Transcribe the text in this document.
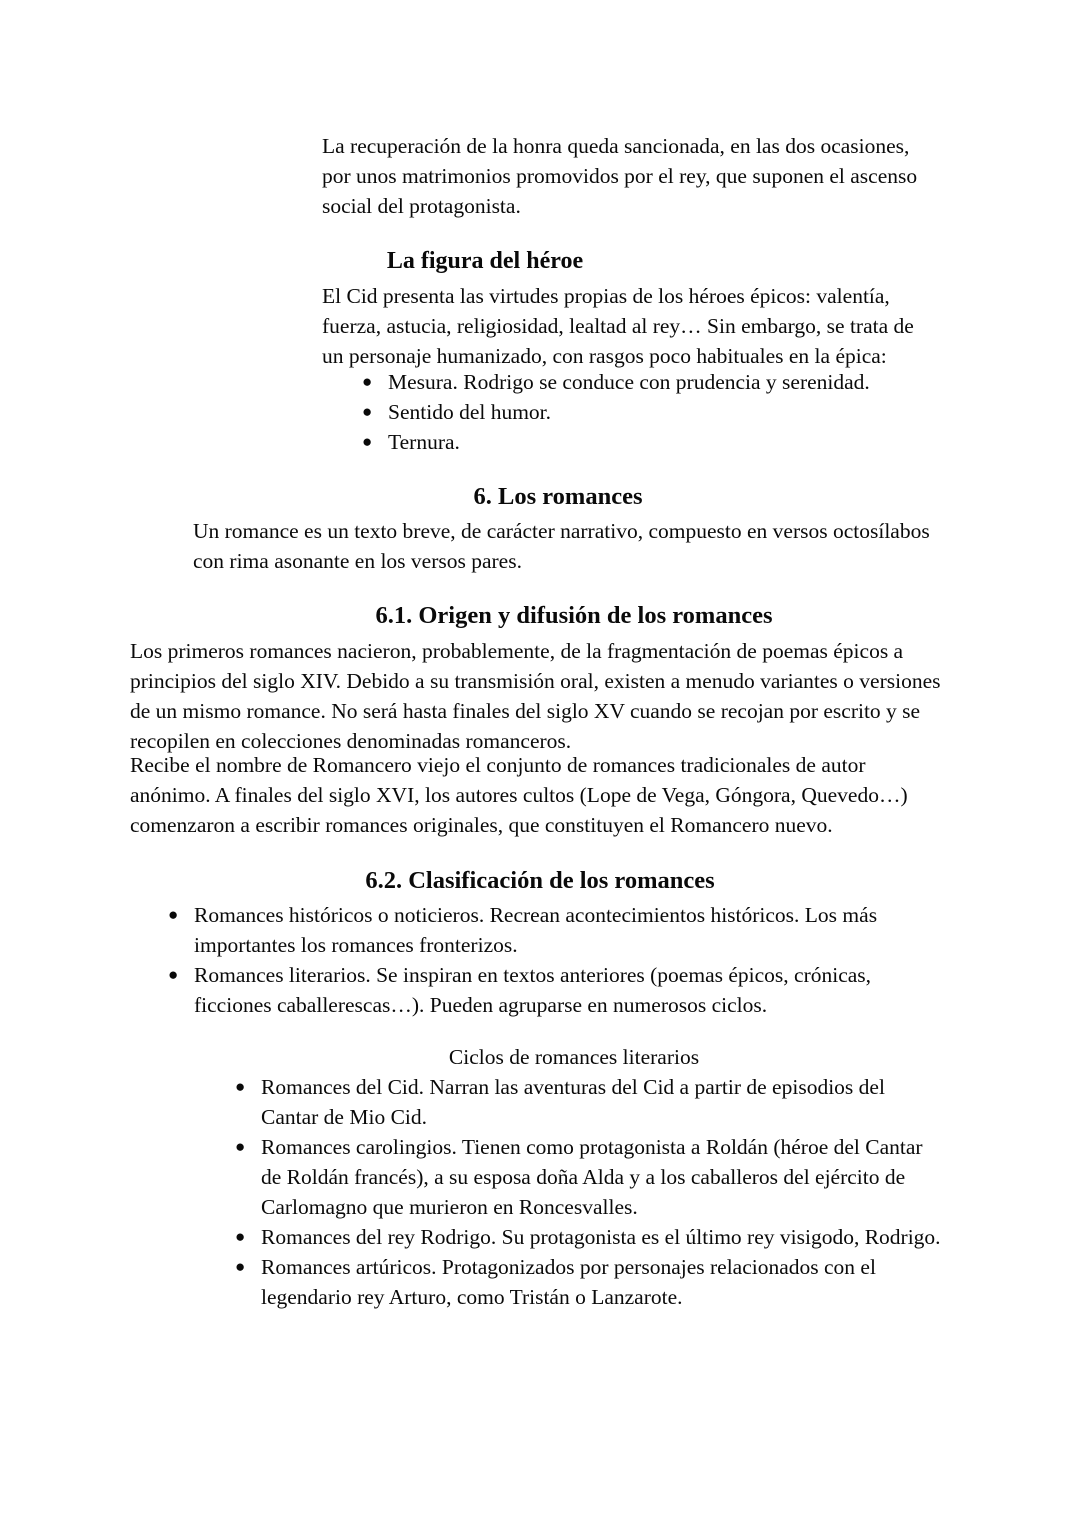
La recuperación de la honra queda sancionada, en las dos ocasiones, por unos matrimonios promovidos por el rey, que suponen el ascenso social del protagonista.

La figura del héroe

El Cid presenta las virtudes propias de los héroes épicos: valentía, fuerza, astucia, religiosidad, lealtad al rey… Sin embargo, se trata de un personaje humanizado, con rasgos poco habituales en la épica:

● Mesura. Rodrigo se conduce con prudencia y serenidad.
● Sentido del humor.
● Ternura.
6. Los romances

Un romance es un texto breve, de carácter narrativo, compuesto en versos octosílabos con rima asonante en los versos pares.

6.1. Origen y difusión de los romances

Los primeros romances nacieron, probablemente, de la fragmentación de poemas épicos a principios del siglo XIV. Debido a su transmisión oral, existen a menudo variantes o versiones de un mismo romance. No será hasta finales del siglo XV cuando se recojan por escrito y se recopilen en colecciones denominadas romanceros.

Recibe el nombre de Romancero viejo el conjunto de romances tradicionales de autor anónimo. A finales del siglo XVI, los autores cultos (Lope de Vega, Góngora, Quevedo…) comenzaron a escribir romances originales, que constituyen el Romancero nuevo.

6.2. Clasificación de los romances
● Romances históricos o noticieros. Recrean acontecimientos históricos. Los más importantes los romances fronterizos.
● Romances literarios. Se inspiran en textos anteriores (poemas épicos, crónicas, ficciones caballerescas…). Pueden agruparse en numerosos ciclos.

Ciclos de romances literarios

● Romances del Cid. Narran las aventuras del Cid a partir de episodios del Cantar de Mio Cid.
● Romances carolingios. Tienen como protagonista a Roldán (héroe del Cantar de Roldán francés), a su esposa doña Alda y a los caballeros del ejército de Carlomagno que murieron en Roncesvalles.
● Romances del rey Rodrigo. Su protagonista es el último rey visigodo, Rodrigo.
● Romances artúricos. Protagonizados por personajes relacionados con el legendario rey Arturo, como Tristán o Lanzarote.
